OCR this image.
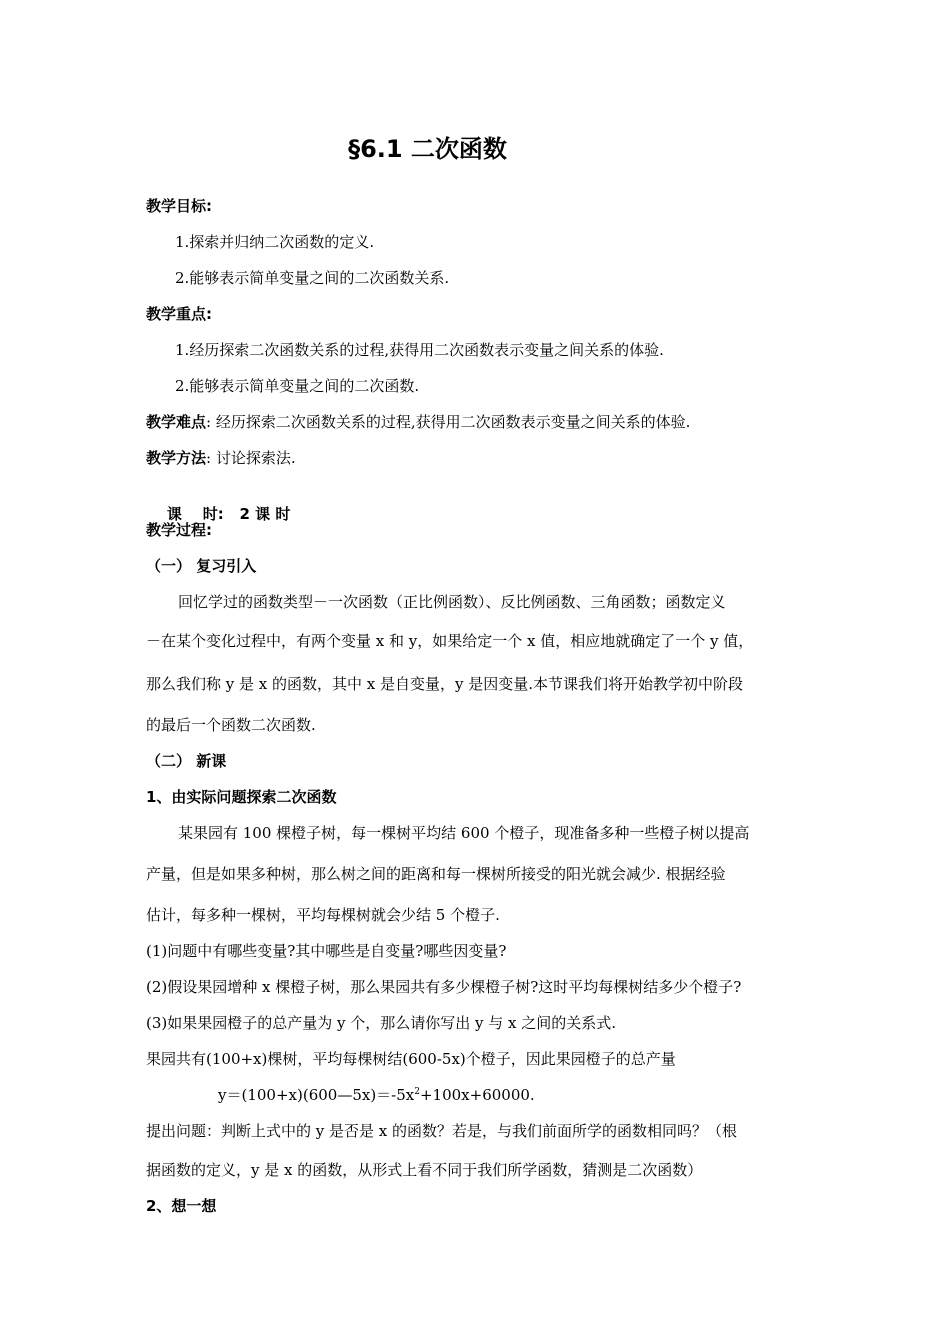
§6.1 二次函数
教学目标:
1.探索并归纳二次函数的定义.
2.能够表示简单变量之间的二次函数关系.
教学重点:
1.经历探索二次函数关系的过程,获得用二次函数表示变量之间关系的体验.
2.能够表示简单变量之间的二次函数.
教学难点: 经历探索二次函数关系的过程,获得用二次函数表示变量之间关系的体验.
教学方法: 讨论探索法.

课    时: 2 课 时

教学过程:
（一） 复习引入
回忆学过的函数类型－一次函数（正比例函数）、反比例函数、三角函数；函数定义
－在某个变化过程中，有两个变量 x 和 y，如果给定一个 x 值，相应地就确定了一个 y 值，
那么我们称 y 是 x 的函数，其中 x 是自变量，y 是因变量.本节课我们将开始教学初中阶段
的最后一个函数二次函数.
（二） 新课
1、由实际问题探索二次函数
某果园有 100 棵橙子树，每一棵树平均结 600 个橙子，现准备多种一些橙子树以提高
产量，但是如果多种树，那么树之间的距离和每一棵树所接受的阳光就会减少. 根据经验
估计，每多种一棵树，平均每棵树就会少结 5 个橙子.
(1)问题中有哪些变量?其中哪些是自变量?哪些因变量?
(2)假设果园增种 x 棵橙子树，那么果园共有多少棵橙子树?这时平均每棵树结多少个橙子?
(3)如果果园橙子的总产量为 y 个，那么请你写出 y 与 x 之间的关系式.
果园共有(100+x)棵树，平均每棵树结(600-5x)个橙子，因此果园橙子的总产量
$y=(100+x)(600—5x)=-5x^2+100x+60000$.
提出问题：判断上式中的 y 是否是 x 的函数？若是，与我们前面所学的函数相同吗？（根
据函数的定义，y 是 x 的函数，从形式上看不同于我们所学函数，猜测是二次函数）
2、想一想
